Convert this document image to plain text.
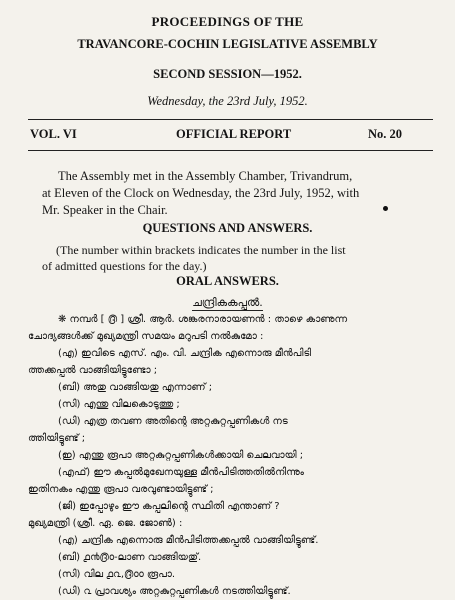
PROCEEDINGS OF THE
TRAVANCORE-COCHIN LEGISLATIVE ASSEMBLY
SECOND SESSION—1952.
Wednesday, the 23rd July, 1952.
VOL. VI	OFFICIAL REPORT	No. 20
The Assembly met in the Assembly Chamber, Trivandrum,
at Eleven of the Clock on Wednesday, the 23rd July, 1952, with
Mr. Speaker in the Chair.
QUESTIONS AND ANSWERS.
(The number within brackets indicates the number in the list
of admitted questions for the day.)
ORAL ANSWERS.
ചന്ദ്രികകപ്പൽ.
❋ നമ്പർ [ ൫ ] ശ്രീ. ആർ. ശങ്കരനാരായണൻ : താഴെ കാണുന്ന
ചോദ്യങ്ങൾക്ക് മുഖ്യമന്ത്രി സമയം മറുപടി നൽകുമോ :
(എ) ഇവിടെ എസ്. എം. വി. ചന്ദ്രിക എന്നൊരു മീൻപിടി
ത്തക്കപ്പൽ വാങ്ങിയിട്ടുണ്ടോ ;
(ബി) അതു വാങ്ങിയതു എന്നാണ് ;
(സി) എന്തു വിലകൊടുത്തു ;
(ഡി) എത്ര തവണ അതിന്റെ അറ്റകുറ്റപ്പണികൾ നട
ത്തിയിട്ടുണ്ട് ;
(ഇ) എന്തു രൂപാ അറ്റകുറ്റപ്പണികൾക്കായി ചെലവായി ;
(എഫ്) ഈ കപ്പൽമുഖേനയുള്ള മീൻപിടിത്തതിൽനിന്നും
ഇതിനകം എന്തു രൂപാ വരവുണ്ടായിട്ടുണ്ട് ;
(ജി) ഇപ്പോഴും ഈ കപ്പലിന്റെ സ്ഥിതി എന്താണ് ?
മുഖ്യമന്ത്രി (ശ്രീ. ഏ. ജെ. ജോൺ) :
(എ) ചന്ദ്രിക എന്നൊരു മീൻപിടിത്തക്കപ്പൽ വാങ്ങിയിട്ടുണ്ട്.
(ബി) ൧൯൫൦-ലാണ വാങ്ങിയതു്.
(സി) വില ൧൨,൫൦൦ രൂപാ.
(ഡി) ൨ പ്രാവശ്യം അറ്റകുറ്റപ്പണികൾ നടത്തിയിട്ടുണ്ട്.
